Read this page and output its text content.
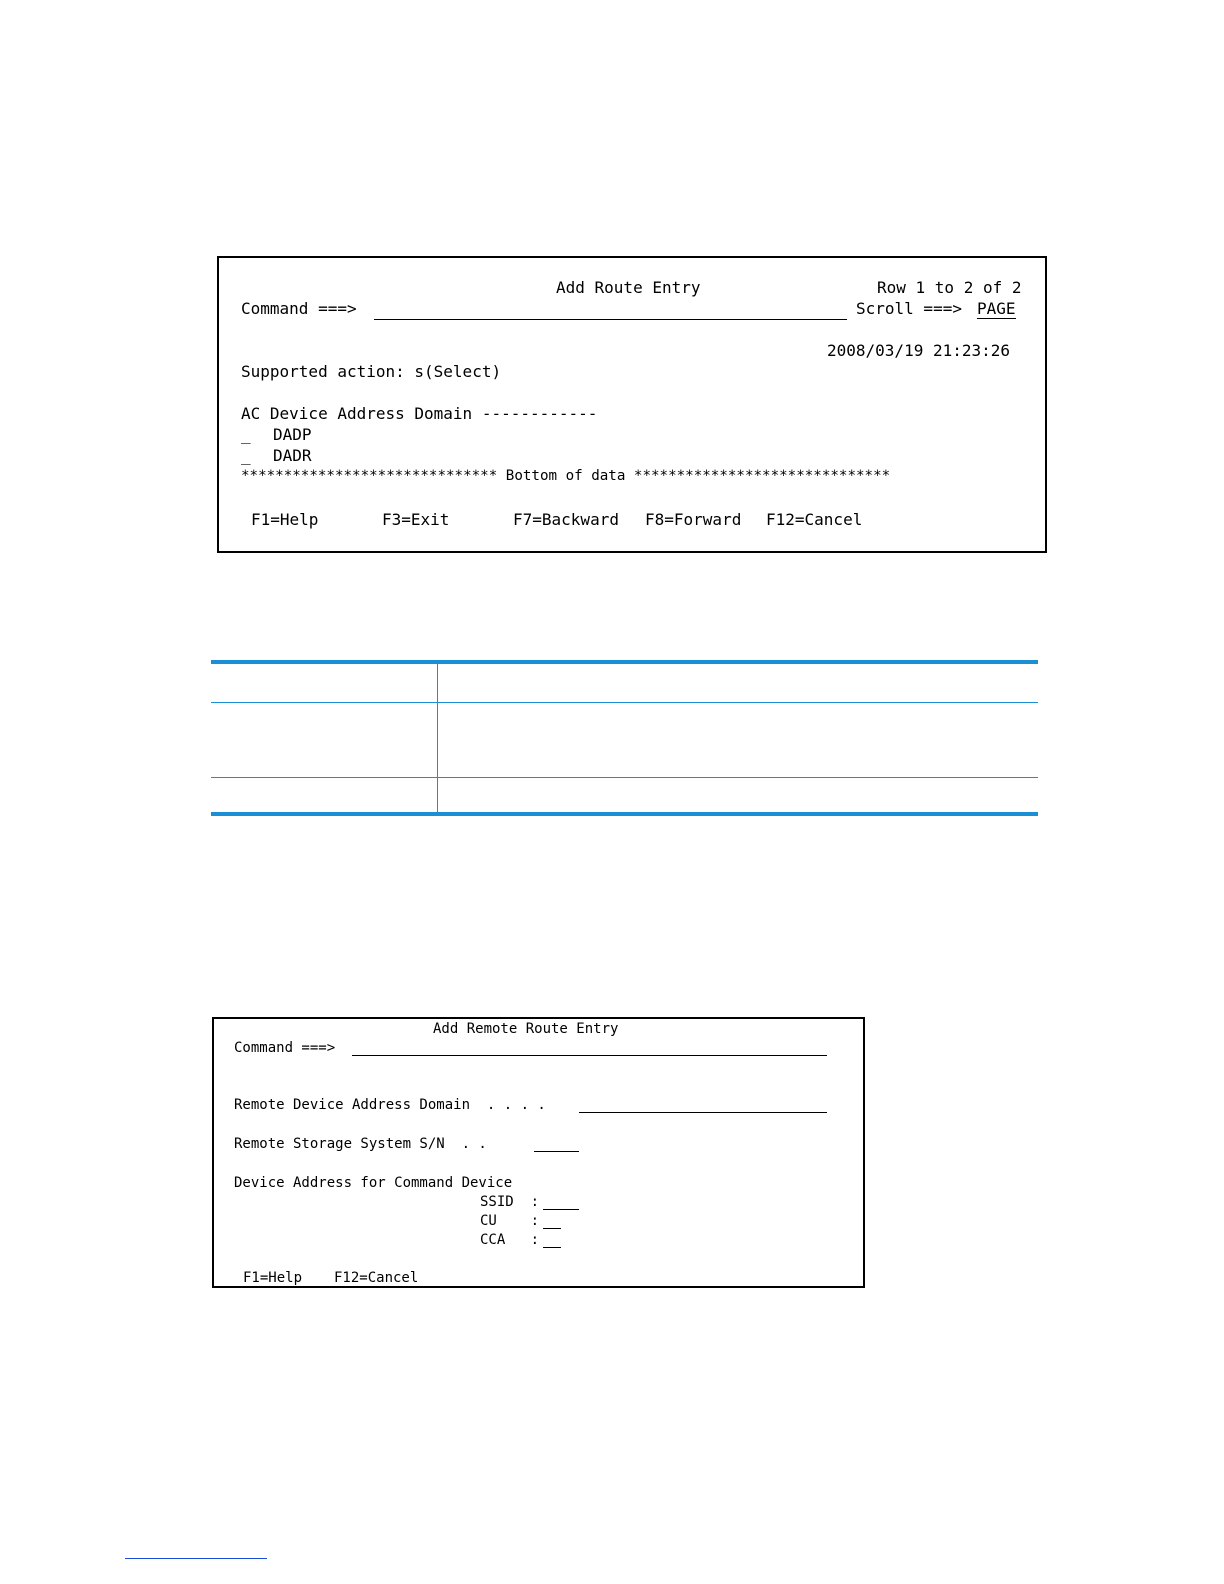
Add Route Entry	Row 1 to 2 of 2
Command ===>	Scroll ===> PAGE
2008/03/19 21:23:26
Supported action: s(Select)
AC Device Address Domain ------------
_ DADP
_ DADR
****************************** Bottom of data ******************************
F1=Help	F3=Exit	F7=Backward F8=Forward F12=Cancel
Add Remote Route Entry
Command ===>
Remote Device Address Domain  . . . .
Remote Storage System S/N  . .
Device Address for Command Device
SSID  :
CU    :
CCA   :
F1=Help F12=Cancel
